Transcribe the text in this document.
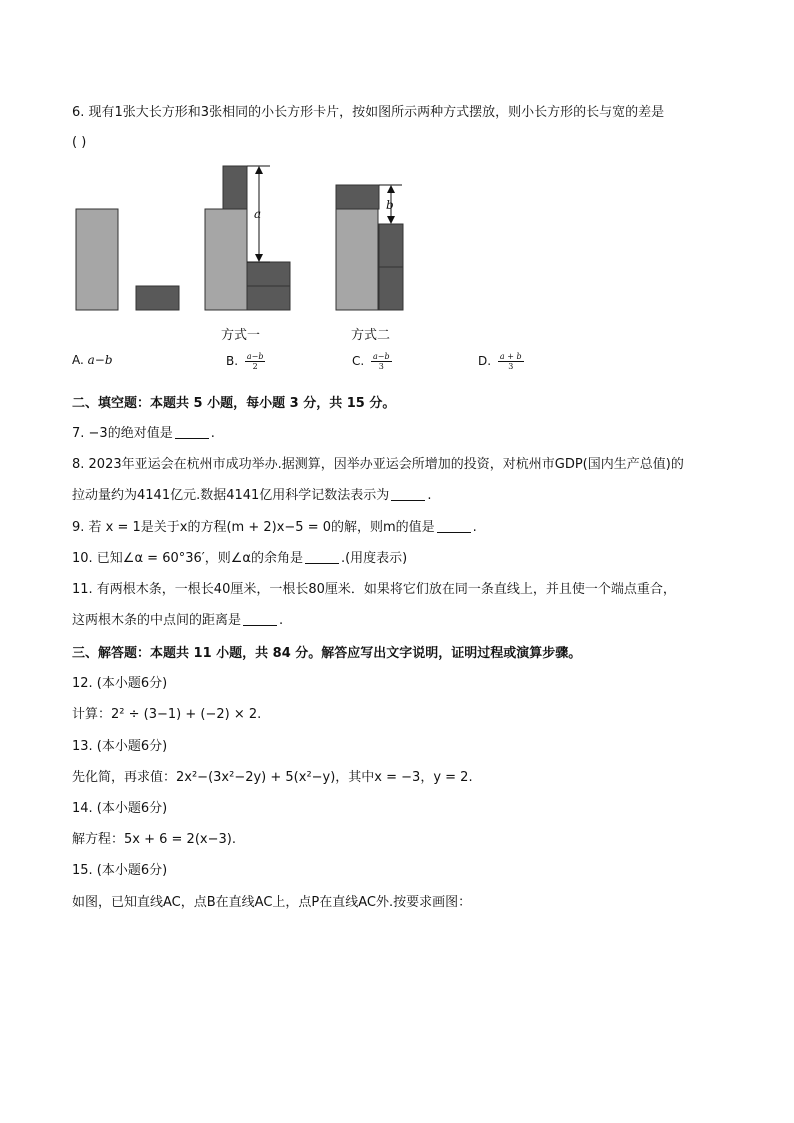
6. 现有1张大长方形和3张相同的小长方形卡片，按如图所示两种方式摆放，则小长方形的长与宽的差是
( )
a
b
方式一	方式二
A. a−b	B. $\frac{a-b}{2}$	C. $\frac{a-b}{3}$	D. $\frac{a + b}{3}$
二、填空题：本题共 5 小题，每小题 3 分，共 15 分。
7. −3的绝对值是	.
8. 2023年亚运会在杭州市成功举办.据测算，因举办亚运会所增加的投资，对杭州市GDP(国内生产总值)的
拉动量约为4141亿元.数据4141亿用科学记数法表示为	.
9. 若 x = 1是关于x的方程(m + 2)x−5 = 0的解，则m的值是	.
10. 已知∠α = 60°36′，则∠α的余角是	.(用度表示)
11. 有两根木条，一根长40厘米，一根长80厘米．如果将它们放在同一条直线上，并且使一个端点重合，
这两根木条的中点间的距离是	.
三、解答题：本题共 11 小题，共 84 分。解答应写出文字说明，证明过程或演算步骤。
12. (本小题6分)
计算：2² ÷ (3−1) + (−2) × 2.
13. (本小题6分)
先化简，再求值：2x²−(3x²−2y) + 5(x²−y)，其中x = −3，y = 2.
14. (本小题6分)
解方程：5x + 6 = 2(x−3).
15. (本小题6分)
如图，已知直线AC，点B在直线AC上，点P在直线AC外.按要求画图：
